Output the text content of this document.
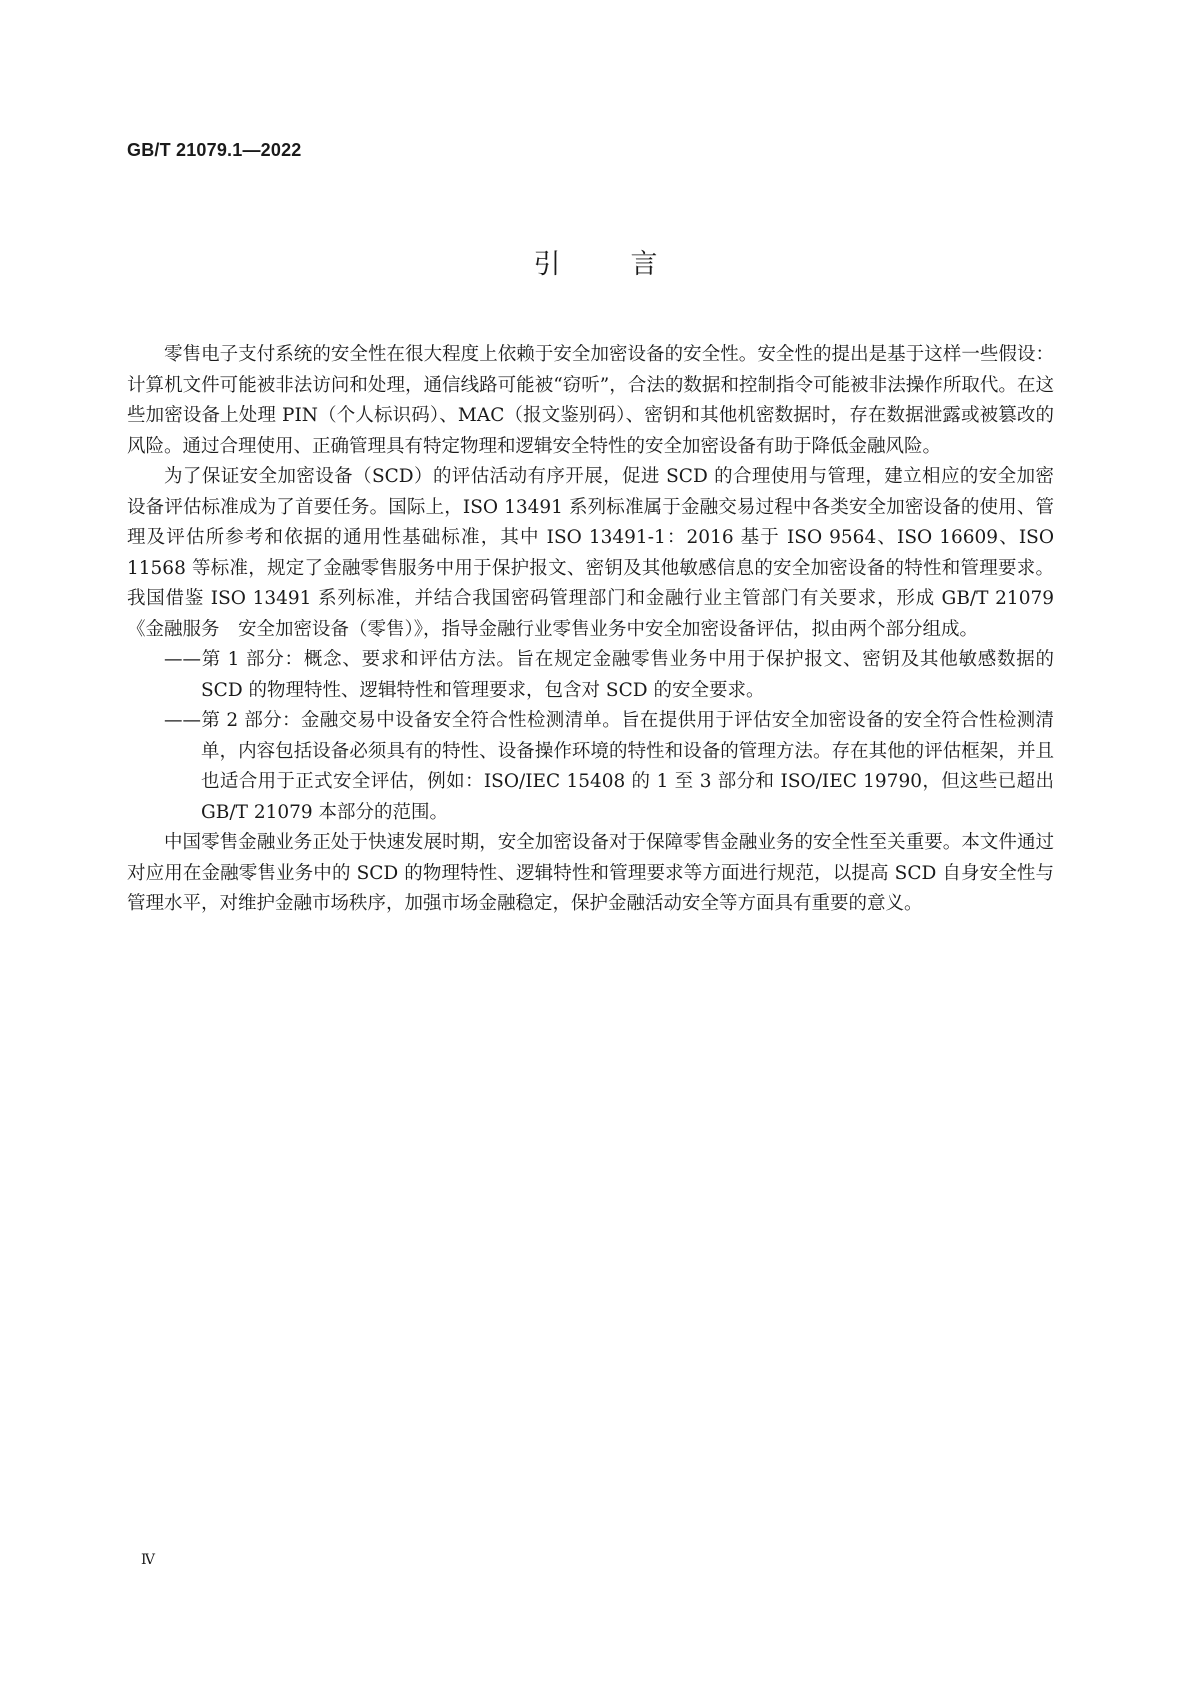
GB/T 21079.1—2022
引言

零售电子支付系统的安全性在很大程度上依赖于安全加密设备的安全性。安全性的提出是基于这样一些假设：计算机文件可能被非法访问和处理，通信线路可能被“窃听”，合法的数据和控制指令可能被非法操作所取代。在这些加密设备上处理 PIN（个人标识码）、MAC（报文鉴别码）、密钥和其他机密数据时，存在数据泄露或被篡改的风险。通过合理使用、正确管理具有特定物理和逻辑安全特性的安全加密设备有助于降低金融风险。

为了保证安全加密设备（SCD）的评估活动有序开展，促进 SCD 的合理使用与管理，建立相应的安全加密设备评估标准成为了首要任务。国际上，ISO 13491 系列标准属于金融交易过程中各类安全加密设备的使用、管理及评估所参考和依据的通用性基础标准，其中 ISO 13491-1：2016 基于 ISO 9564、ISO 16609、ISO 11568 等标准，规定了金融零售服务中用于保护报文、密钥及其他敏感信息的安全加密设备的特性和管理要求。我国借鉴 ISO 13491 系列标准，并结合我国密码管理部门和金融行业主管部门有关要求，形成 GB/T 21079《金融服务　安全加密设备（零售）》，指导金融行业零售业务中安全加密设备评估，拟由两个部分组成。

——第 1 部分：概念、要求和评估方法。旨在规定金融零售业务中用于保护报文、密钥及其他敏感数据的 SCD 的物理特性、逻辑特性和管理要求，包含对 SCD 的安全要求。

——第 2 部分：金融交易中设备安全符合性检测清单。旨在提供用于评估安全加密设备的安全符合性检测清单，内容包括设备必须具有的特性、设备操作环境的特性和设备的管理方法。存在其他的评估框架，并且也适合用于正式安全评估，例如：ISO/IEC 15408 的 1 至 3 部分和 ISO/IEC 19790，但这些已超出 GB/T 21079 本部分的范围。

中国零售金融业务正处于快速发展时期，安全加密设备对于保障零售金融业务的安全性至关重要。本文件通过对应用在金融零售业务中的 SCD 的物理特性、逻辑特性和管理要求等方面进行规范，以提高 SCD 自身安全性与管理水平，对维护金融市场秩序，加强市场金融稳定，保护金融活动安全等方面具有重要的意义。

Ⅳ
